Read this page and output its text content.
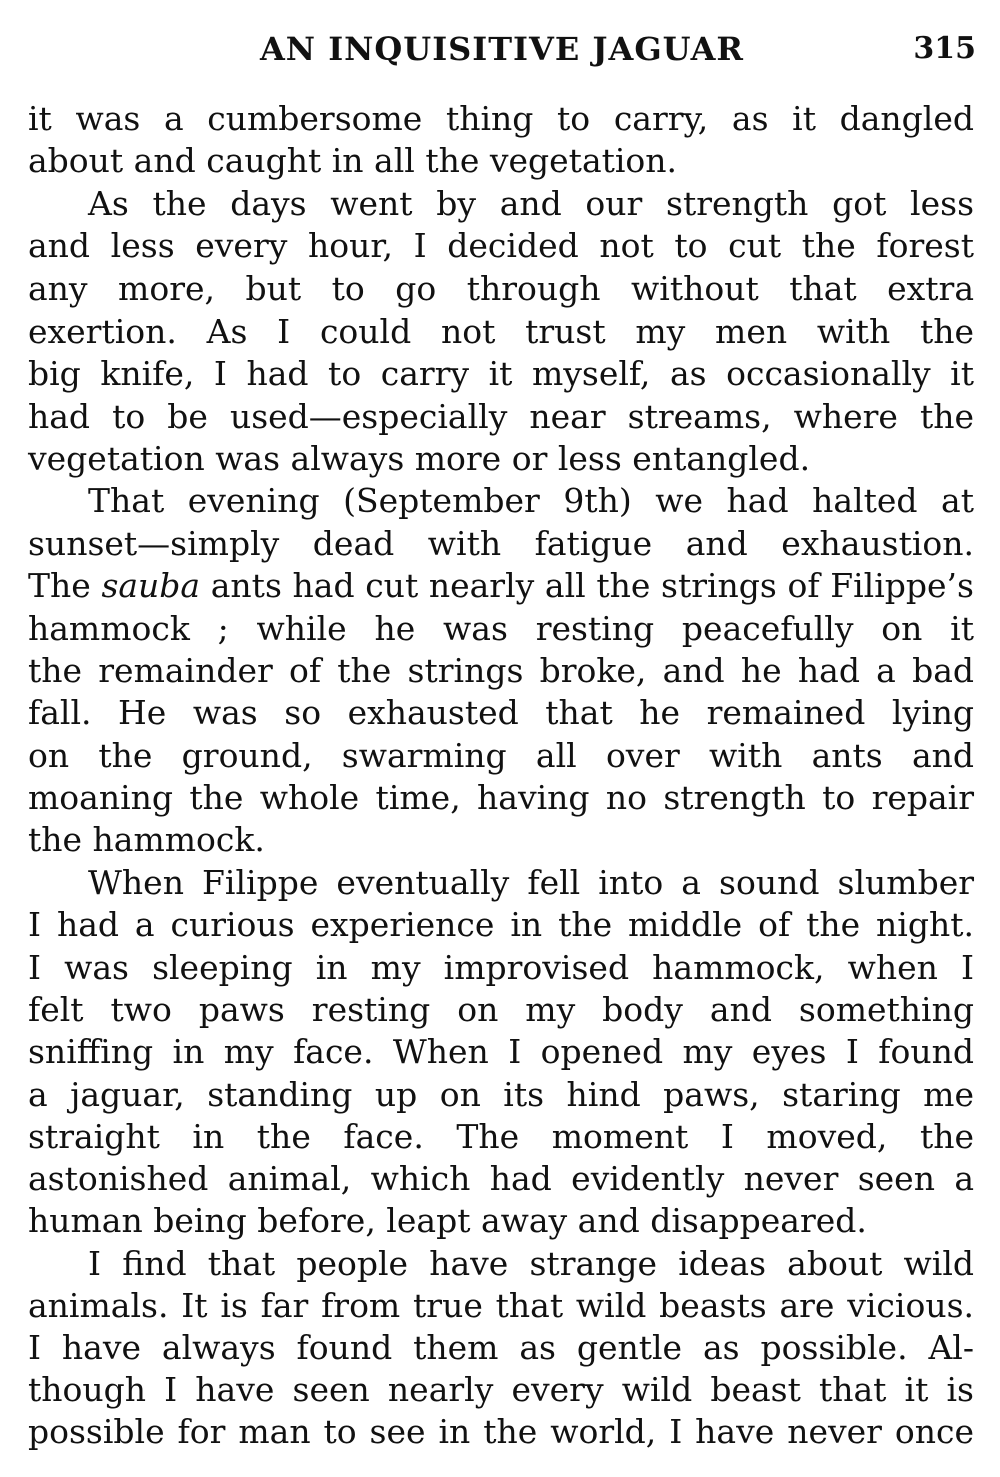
AN INQUISITIVE JAGUAR	315
it was a cumbersome thing to carry, as it dangled
about and caught in all the vegetation.
As the days went by and our strength got less
and less every hour, I decided not to cut the forest
any more, but to go through without that extra
exertion. As I could not trust my men with the
big knife, I had to carry it myself, as occasionally it
had to be used—especially near streams, where the
vegetation was always more or less entangled.
That evening (September 9th) we had halted at
sunset—simply dead with fatigue and exhaustion.
The sauba ants had cut nearly all the strings of Filippe’s
hammock ; while he was resting peacefully on it
the remainder of the strings broke, and he had a bad
fall. He was so exhausted that he remained lying
on the ground, swarming all over with ants and
moaning the whole time, having no strength to repair
the hammock.
When Filippe eventually fell into a sound slumber
I had a curious experience in the middle of the night.
I was sleeping in my improvised hammock, when I
felt two paws resting on my body and something
sniffing in my face. When I opened my eyes I found
a jaguar, standing up on its hind paws, staring me
straight in the face. The moment I moved, the
astonished animal, which had evidently never seen a
human being before, leapt away and disappeared.
I find that people have strange ideas about wild
animals. It is far from true that wild beasts are vicious.
I have always found them as gentle as possible. Al-
though I have seen nearly every wild beast that it is
possible for man to see in the world, I have never once
